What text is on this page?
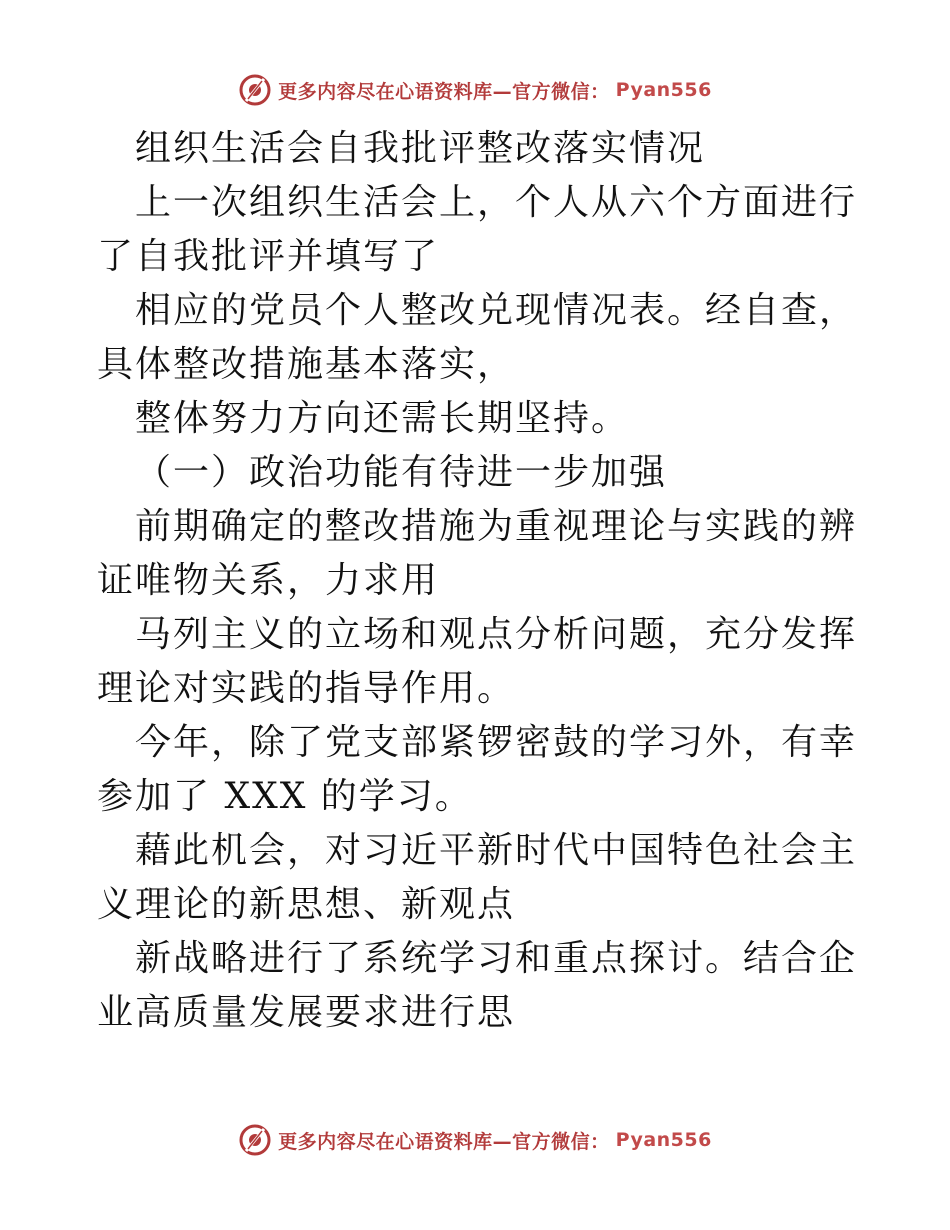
更多内容尽在心语资料库—官方微信： Pyan556

组织生活会自我批评整改落实情况

上一次组织生活会上，个人从六个方面进行了自我批评并填写了

相应的党员个人整改兑现情况表。经自查，具体整改措施基本落实，

整体努力方向还需长期坚持。

（一）政治功能有待进一步加强

前期确定的整改措施为重视理论与实践的辨证唯物关系，力求用

马列主义的立场和观点分析问题，充分发挥理论对实践的指导作用。

今年，除了党支部紧锣密鼓的学习外，有幸参加了 XXX 的学习。

藉此机会，对习近平新时代中国特色社会主义理论的新思想、新观点

新战略进行了系统学习和重点探讨。结合企业高质量发展要求进行思

更多内容尽在心语资料库—官方微信： Pyan556
